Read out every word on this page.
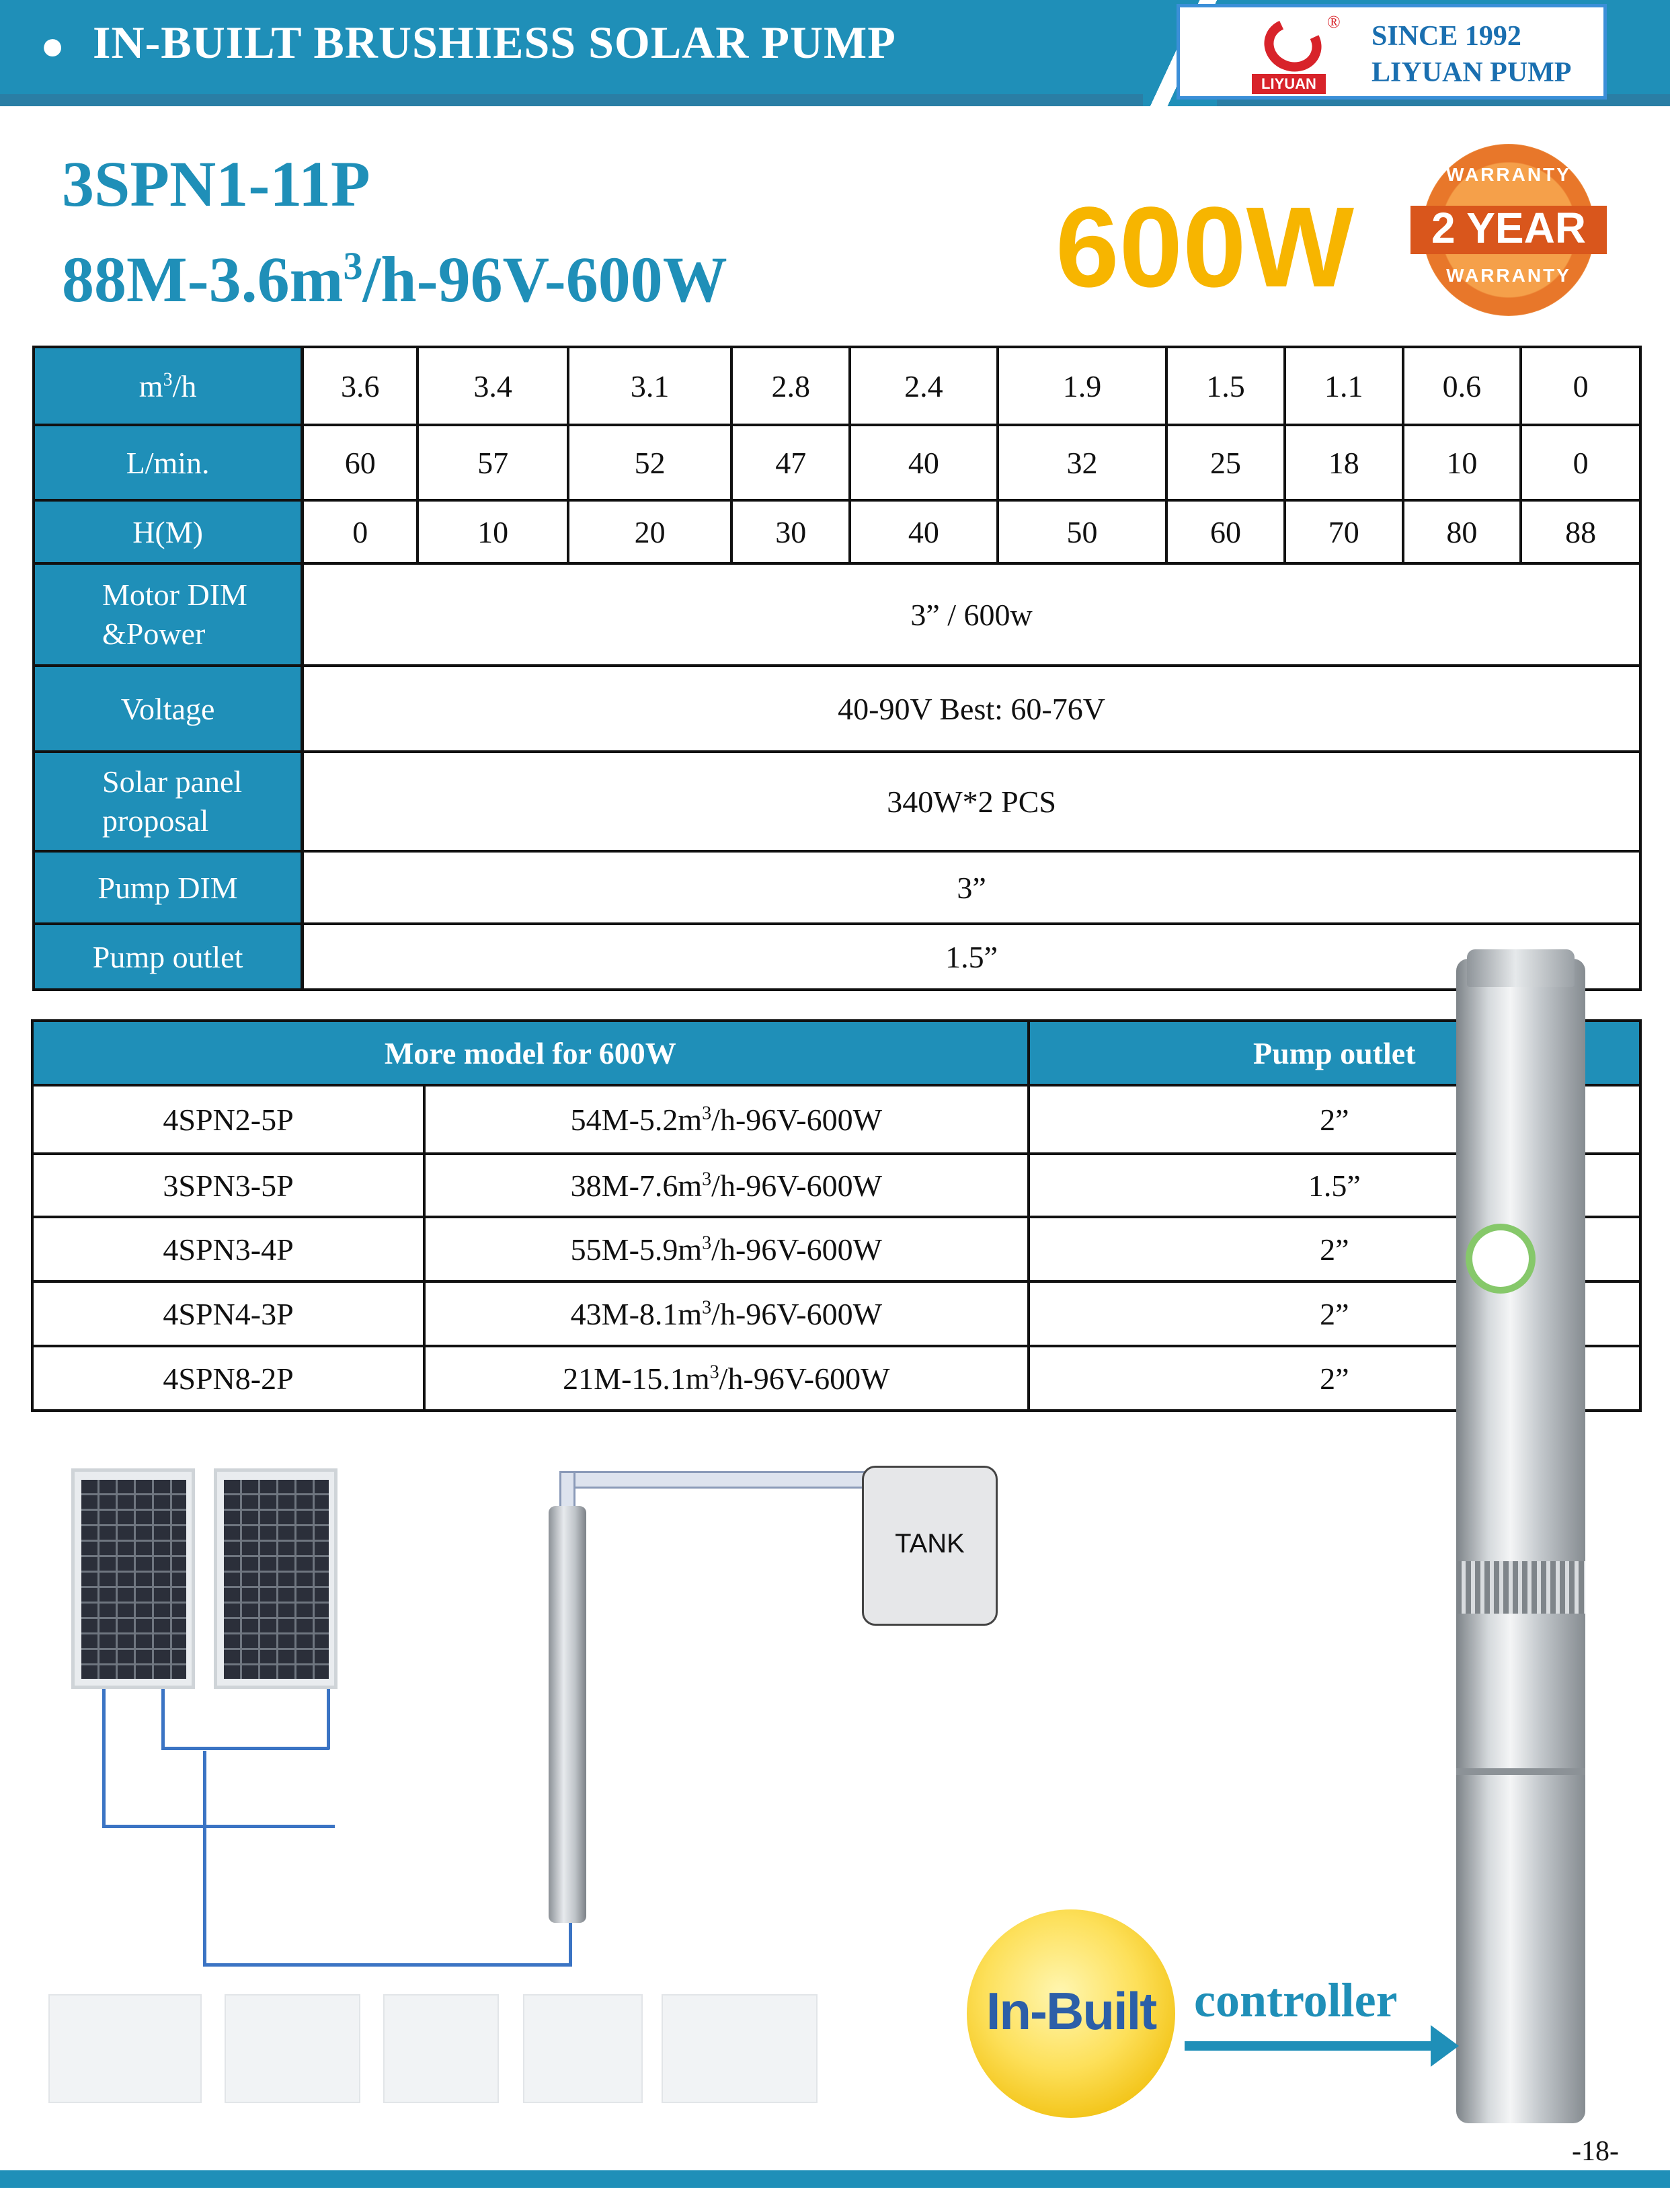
● IN-BUILT BRUSHIESS SOLAR PUMP
LIYUAN
® SINCE 1992
LIYUAN PUMP
3SPN1-11P
$88M-3.6m^3/h-96V-600W$	600W
WARRANTY
2 YEAR
WARRANTY
$m^3/h$	3.6	3.4	3.1	2.8	2.4	1.9	1.5	1.1	0.6	0
L/min.	60	57	52	47	40	32	25	18	10	0
H(M)	0	10	20	30	40	50	60	70	80	88
Motor DIM
&Power	3” / 600w									
Voltage	40-90V Best: 60-76V									
Solar panel
proposal	340W*2 PCS									
Pump DIM	3”									
Pump outlet	1.5”									
More model for 600W		Pump outlet
4SPN2-5P	$54M-5.2m^3/h-96V-600W$	2”
3SPN3-5P	$38M-7.6m^3/h-96V-600W$	1.5”
4SPN3-4P	$55M-5.9m^3/h-96V-600W$	2”
4SPN4-3P	$43M-8.1m^3/h-96V-600W$	2”
4SPN8-2P	$21M-15.1m^3/h-96V-600W$	2”
TANK
In-Built controller
-18-
